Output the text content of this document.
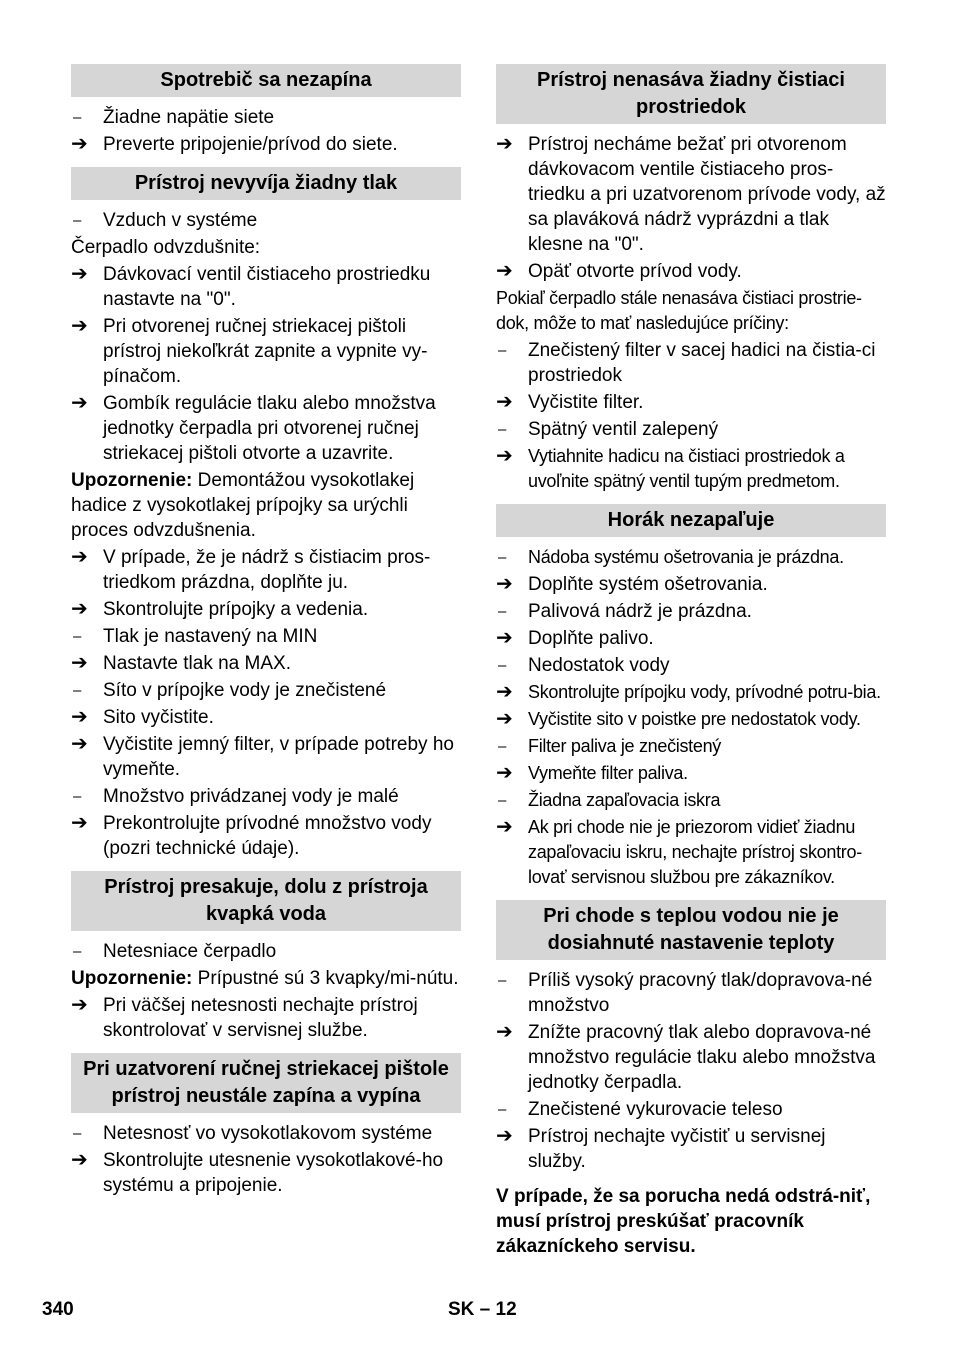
Spotrebič sa nezapína
–	Žiadne napätie siete
➔ Preverte pripojenie/prívod do siete.
Prístroj nevyvíja žiadny tlak
–	Vzduch v systéme
Čerpadlo odvzdušnite:
➔ Dávkovací ventil čistiaceho prostriedku nastavte na "0".
➔ Pri otvorenej ručnej striekacej pištoli prístroj niekoľkrát zapnite a vypnite vy-pínačom.
➔ Gombík regulácie tlaku alebo množstva jednotky čerpadla pri otvorenej ručnej striekacej pištoli otvorte a uzavrite.
Upozornenie: Demontážou vysokotlakej hadice z vysokotlakej prípojky sa urýchli proces odvzdušnenia.
➔ V prípade, že je nádrž s čistiacim pros-triedkom prázdna, doplňte ju.
➔ Skontrolujte prípojky a vedenia.
–	Tlak je nastavený na MIN
➔ Nastavte tlak na MAX.
–	Síto v prípojke vody je znečistené
➔ Sito vyčistite.
➔ Vyčistite jemný filter, v prípade potreby ho vymeňte.
–	Množstvo privádzanej vody je malé
➔ Prekontrolujte prívodné množstvo vody (pozri technické údaje).
Prístroj presakuje, dolu z prístroja kvapká voda
–	Netesniace čerpadlo
Upozornenie: Prípustné sú 3 kvapky/mi-nútu.
➔ Pri väčšej netesnosti nechajte prístroj skontrolovať v servisnej službe.
Pri uzatvorení ručnej striekacej pištole prístroj neustále zapína a vypína
–	Netesnosť vo vysokotlakovom systéme
➔ Skontrolujte utesnenie vysokotlakové-ho systému a pripojenie.
Prístroj nenasáva žiadny čistiaci prostriedok
➔ Prístroj necháme bežať pri otvorenom dávkovacom ventile čistiaceho pros-triedku a pri uzatvorenom prívode vody, až sa plaváková nádrž vyprázdni a tlak klesne na "0".
➔ Opäť otvorte prívod vody.
Pokiaľ čerpadlo stále nenasáva čistiaci prostrie-dok, môže to mať nasledujúce príčiny:
–	Znečistený filter v sacej hadici na čistia-ci prostriedok
➔ Vyčistite filter.
–	Spätný ventil zalepený
➔ Vytiahnite hadicu na čistiaci prostriedok a uvoľnite spätný ventil tupým predmetom.
Horák nezapaľuje
–	Nádoba systému ošetrovania je prázdna.
➔ Doplňte systém ošetrovania.
–	Palivová nádrž je prázdna.
➔ Doplňte palivo.
–	Nedostatok vody
➔ Skontrolujte prípojku vody, prívodné potru-bia.
➔ Vyčistite sito v poistke pre nedostatok vody.
–	Filter paliva je znečistený
➔ Vymeňte filter paliva.
–	Žiadna zapaľovacia iskra
➔ Ak pri chode nie je priezorom vidieť žiadnu zapaľovaciu iskru, nechajte prístroj skontro-lovať servisnou službou pre zákazníkov.
Pri chode s teplou vodou nie je dosiahnuté nastavenie teploty
–	Príliš vysoký pracovný tlak/dopravova-né množstvo
➔ Znížte pracovný tlak alebo dopravova-né množstvo regulácie tlaku alebo množstva jednotky čerpadla.
–	Znečistené vykurovacie teleso
➔ Prístroj nechajte vyčistiť u servisnej služby.
V prípade, že sa porucha nedá odstrá-niť, musí prístroj preskúšať pracovník zákazníckeho servisu.
340	SK – 12
